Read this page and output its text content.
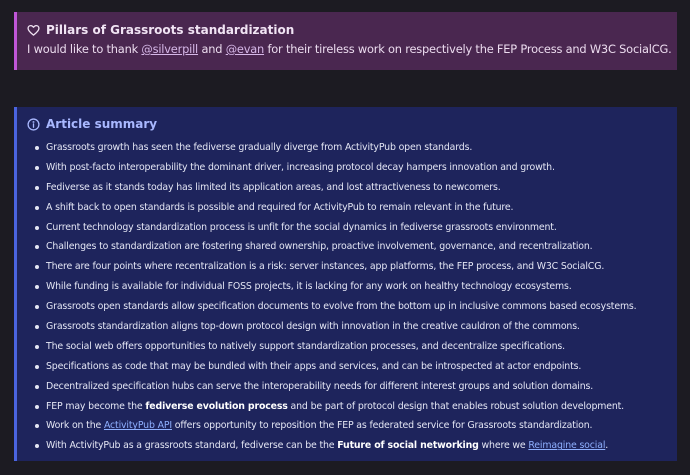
Pillars of Grassroots standardization
I would like to thank @silverpill and @evan for their tireless work on respectively the FEP Process and W3C SocialCG.
Article summary
Grassroots growth has seen the fediverse gradually diverge from ActivityPub open standards.
With post-facto interoperability the dominant driver, increasing protocol decay hampers innovation and growth.
Fediverse as it stands today has limited its application areas, and lost attractiveness to newcomers.
A shift back to open standards is possible and required for ActivityPub to remain relevant in the future.
Current technology standardization process is unfit for the social dynamics in fediverse grassroots environment.
Challenges to standardization are fostering shared ownership, proactive involvement, governance, and recentralization.
There are four points where recentralization is a risk: server instances, app platforms, the FEP process, and W3C SocialCG.
While funding is available for individual FOSS projects, it is lacking for any work on healthy technology ecosystems.
Grassroots open standards allow specification documents to evolve from the bottom up in inclusive commons based ecosystems.
Grassroots standardization aligns top-down protocol design with innovation in the creative cauldron of the commons.
The social web offers opportunities to natively support standardization processes, and decentralize specifications.
Specifications as code that may be bundled with their apps and services, and can be introspected at actor endpoints.
Decentralized specification hubs can serve the interoperability needs for different interest groups and solution domains.
FEP may become the fediverse evolution process and be part of protocol design that enables robust solution development.
Work on the ActivityPub API offers opportunity to reposition the FEP as federated service for Grassroots standardization.
With ActivityPub as a grassroots standard, fediverse can be the Future of social networking where we Reimagine social.
